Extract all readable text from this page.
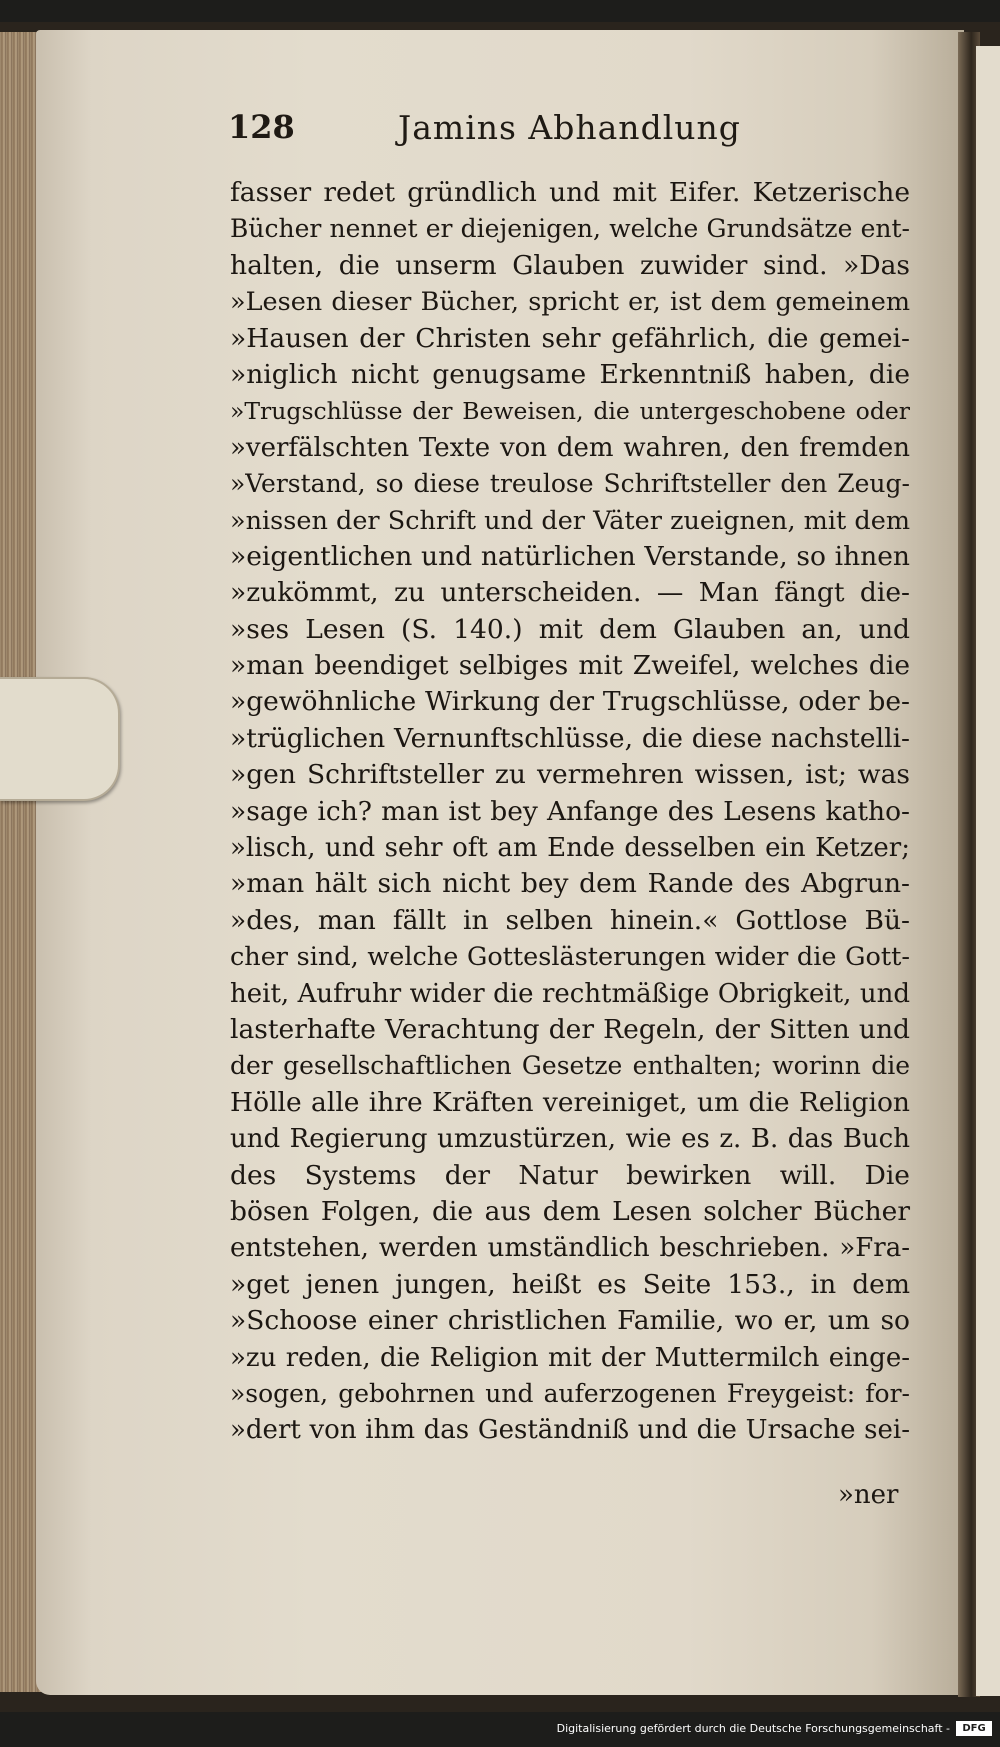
128	Jamins Abhandlung
fasser redet gründlich und mit Eifer. Ketzerische
Bücher nennet er diejenigen, welche Grundsätze ent-
halten, die unserm Glauben zuwider sind. »Das
»Lesen dieser Bücher, spricht er, ist dem gemeinem
»Hausen der Christen sehr gefährlich, die gemei-
»niglich nicht genugsame Erkenntniß haben, die
»Trugschlüsse der Beweisen, die untergeschobene oder
»verfälschten Texte von dem wahren, den fremden
»Verstand, so diese treulose Schriftsteller den Zeug-
»nissen der Schrift und der Väter zueignen, mit dem
»eigentlichen und natürlichen Verstande, so ihnen
»zukömmt, zu unterscheiden. — Man fängt die-
»ses Lesen (S. 140.) mit dem Glauben an, und
»man beendiget selbiges mit Zweifel, welches die
»gewöhnliche Wirkung der Trugschlüsse, oder be-
»trüglichen Vernunftschlüsse, die diese nachstelli-
»gen Schriftsteller zu vermehren wissen, ist; was
»sage ich? man ist bey Anfange des Lesens katho-
»lisch, und sehr oft am Ende desselben ein Ketzer;
»man hält sich nicht bey dem Rande des Abgrun-
»des, man fällt in selben hinein.« Gottlose Bü-
cher sind, welche Gotteslästerungen wider die Gott-
heit, Aufruhr wider die rechtmäßige Obrigkeit, und
lasterhafte Verachtung der Regeln, der Sitten und
der gesellschaftlichen Gesetze enthalten; worinn die
Hölle alle ihre Kräften vereiniget, um die Religion
und Regierung umzustürzen, wie es z. B. das Buch
des Systems der Natur bewirken will. Die
bösen Folgen, die aus dem Lesen solcher Bücher
entstehen, werden umständlich beschrieben. »Fra-
»get jenen jungen, heißt es Seite 153., in dem
»Schoose einer christlichen Familie, wo er, um so
»zu reden, die Religion mit der Muttermilch einge-
»sogen, gebohrnen und auferzogenen Freygeist: for-
»dert von ihm das Geständniß und die Ursache sei-
»ner
Digitalisierung gefördert durch die Deutsche Forschungsgemeinschaft -	DFG
